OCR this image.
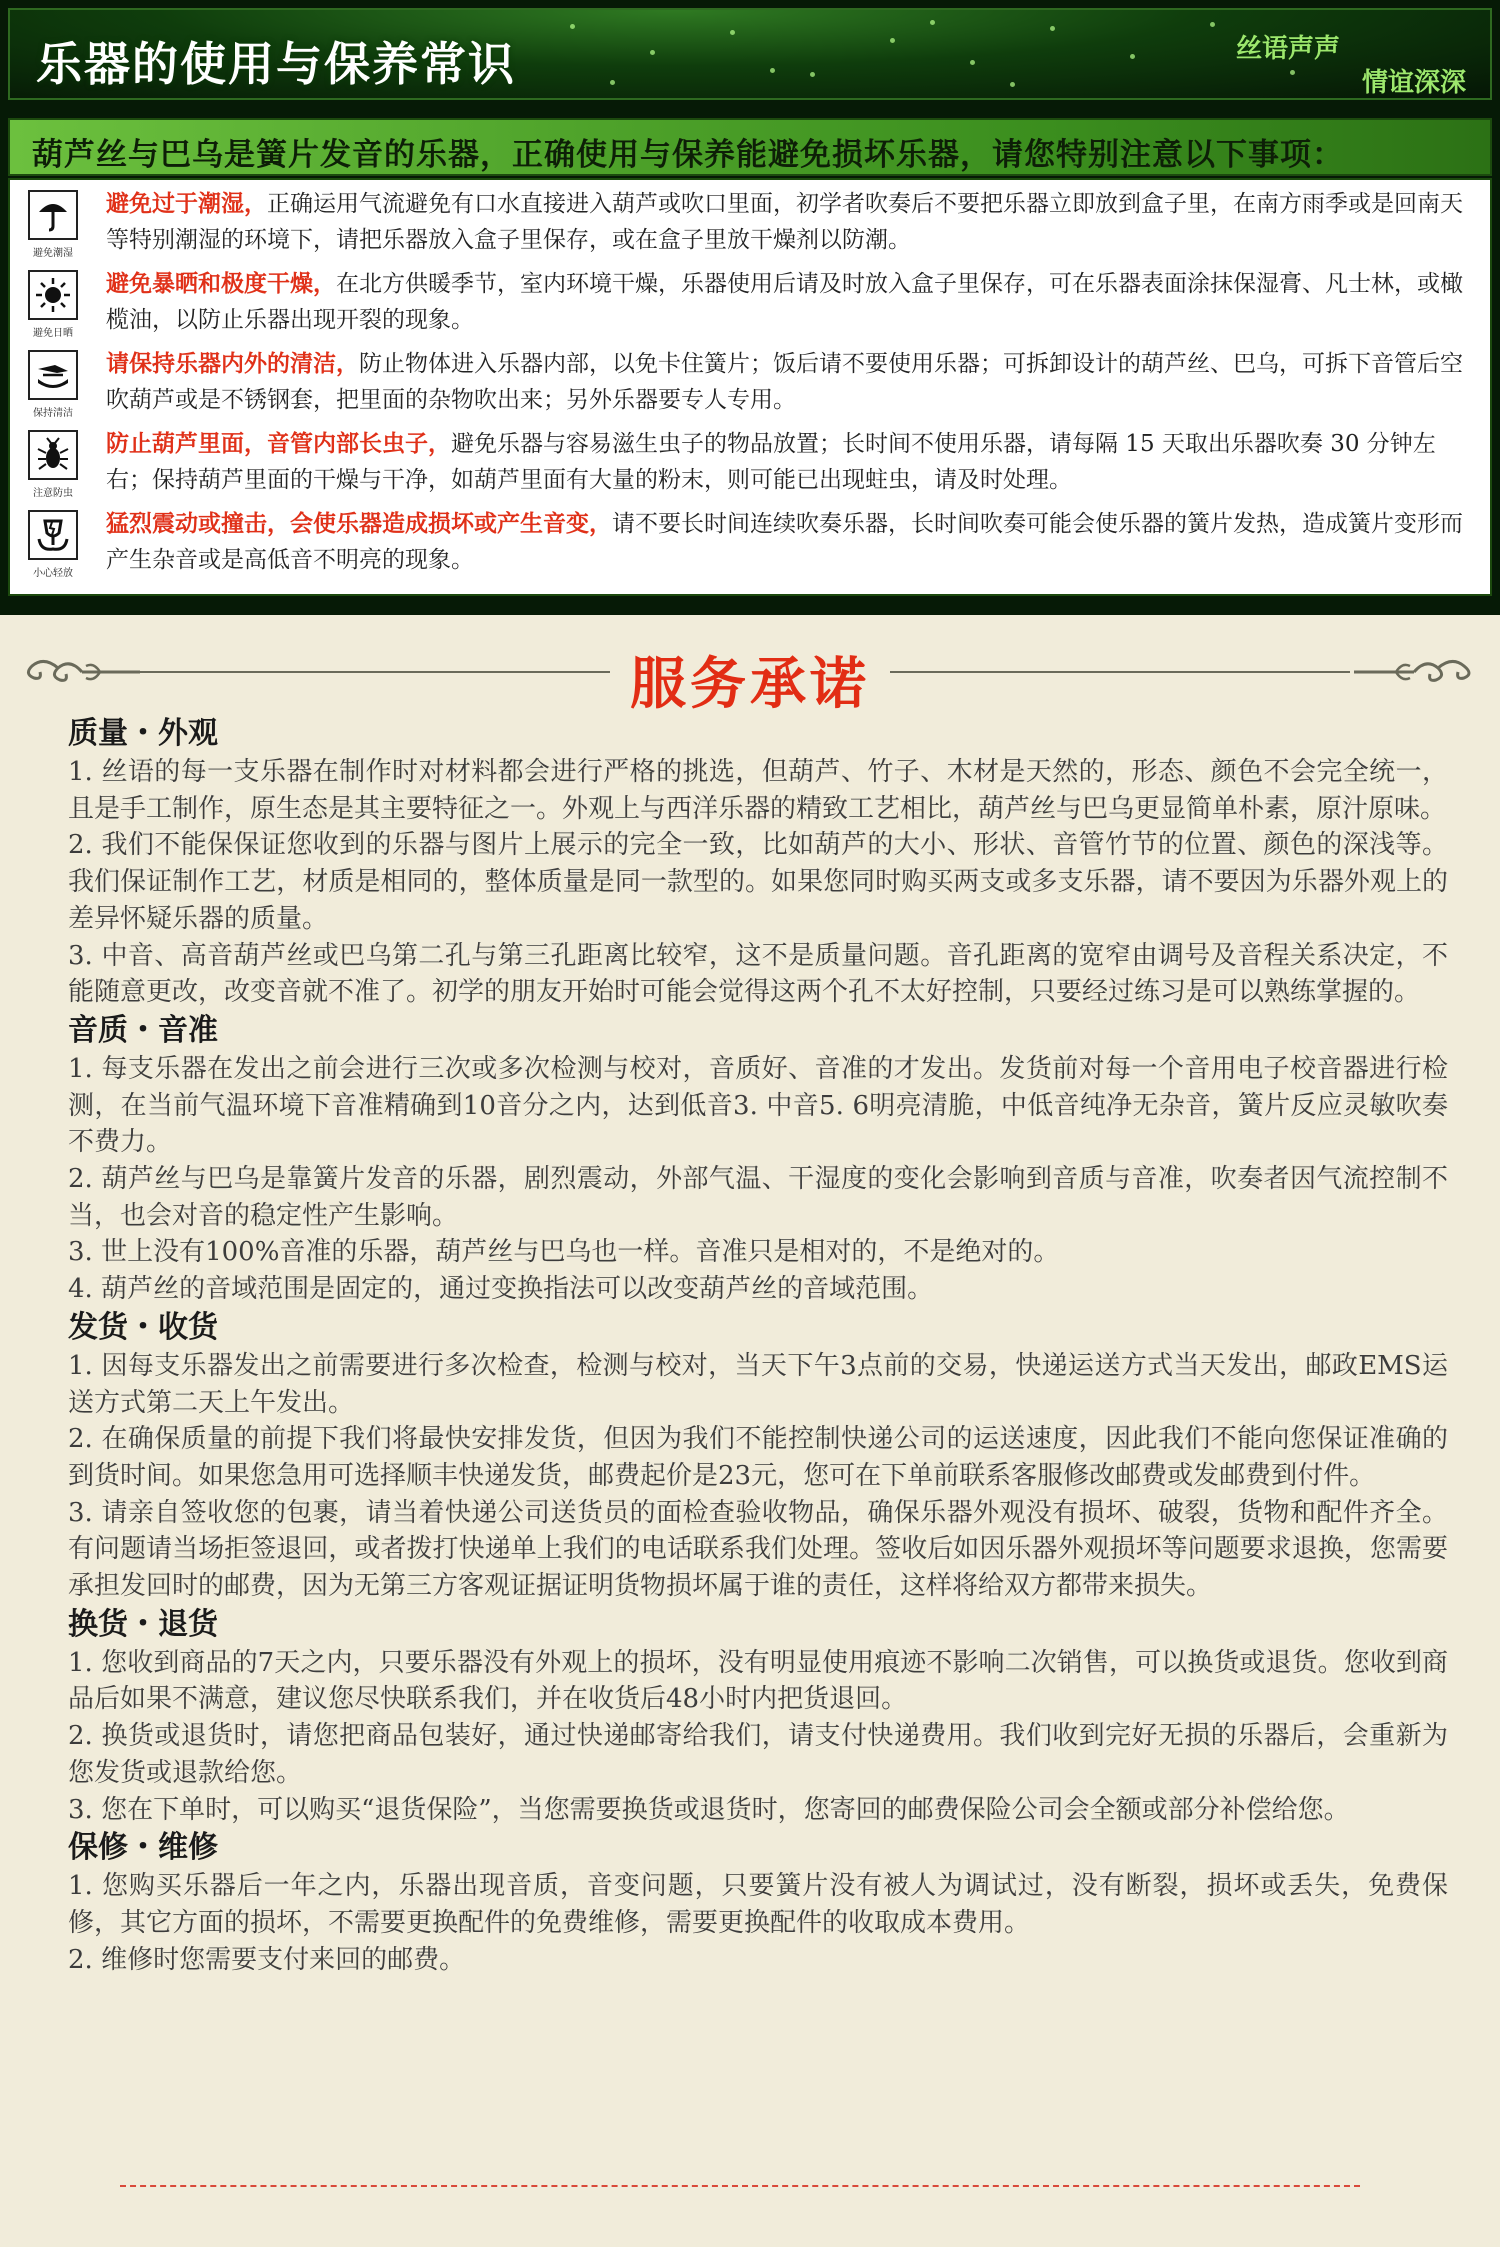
乐器的使用与保养常识	丝语声声
情谊深深
葫芦丝与巴乌是簧片发音的乐器，正确使用与保养能避免损坏乐器，请您特别注意以下事项：
避免潮湿
避免过于潮湿，正确运用气流避免有口水直接进入葫芦或吹口里面，初学者吹奏后不要把乐器立即放到盒子里，在南方雨季或是回南天等特别潮湿的环境下，请把乐器放入盒子里保存，或在盒子里放干燥剂以防潮。
避免日晒
避免暴晒和极度干燥，在北方供暖季节，室内环境干燥，乐器使用后请及时放入盒子里保存，可在乐器表面涂抹保湿膏、凡士林，或橄榄油，以防止乐器出现开裂的现象。
保持清洁
请保持乐器内外的清洁，防止物体进入乐器内部，以免卡住簧片；饭后请不要使用乐器；可拆卸设计的葫芦丝、巴乌，可拆下音管后空吹葫芦或是不锈钢套，把里面的杂物吹出来；另外乐器要专人专用。
注意防虫
防止葫芦里面，音管内部长虫子，避免乐器与容易滋生虫子的物品放置；长时间不使用乐器，请每隔 15 天取出乐器吹奏 30 分钟左右；保持葫芦里面的干燥与干净，如葫芦里面有大量的粉末，则可能已出现蛀虫，请及时处理。
小心轻放
猛烈震动或撞击，会使乐器造成损坏或产生音变，请不要长时间连续吹奏乐器，长时间吹奏可能会使乐器的簧片发热，造成簧片变形而产生杂音或是高低音不明亮的现象。
服务承诺
质量・外观

1. 丝语的每一支乐器在制作时对材料都会进行严格的挑选，但葫芦、竹子、木材是天然的，形态、颜色不会完全统一，且是手工制作，原生态是其主要特征之一。外观上与西洋乐器的精致工艺相比，葫芦丝与巴乌更显简单朴素，原汁原味。

2. 我们不能保保证您收到的乐器与图片上展示的完全一致，比如葫芦的大小、形状、音管竹节的位置、颜色的深浅等。我们保证制作工艺，材质是相同的，整体质量是同一款型的。如果您同时购买两支或多支乐器，请不要因为乐器外观上的差异怀疑乐器的质量。

3. 中音、高音葫芦丝或巴乌第二孔与第三孔距离比较窄，这不是质量问题。音孔距离的宽窄由调号及音程关系决定，不能随意更改，改变音就不准了。初学的朋友开始时可能会觉得这两个孔不太好控制，只要经过练习是可以熟练掌握的。

音质・音准

1. 每支乐器在发出之前会进行三次或多次检测与校对，音质好、音准的才发出。发货前对每一个音用电子校音器进行检测，在当前气温环境下音准精确到10音分之内，达到低音3. 中音5. 6明亮清脆，中低音纯净无杂音，簧片反应灵敏吹奏不费力。

2. 葫芦丝与巴乌是靠簧片发音的乐器，剧烈震动，外部气温、干湿度的变化会影响到音质与音准，吹奏者因气流控制不当，也会对音的稳定性产生影响。

3. 世上没有100%音准的乐器，葫芦丝与巴乌也一样。音准只是相对的，不是绝对的。

4. 葫芦丝的音域范围是固定的，通过变换指法可以改变葫芦丝的音域范围。

发货・收货

1. 因每支乐器发出之前需要进行多次检查，检测与校对，当天下午3点前的交易，快递运送方式当天发出，邮政EMS运送方式第二天上午发出。

2. 在确保质量的前提下我们将最快安排发货，但因为我们不能控制快递公司的运送速度，因此我们不能向您保证准确的到货时间。如果您急用可选择顺丰快递发货，邮费起价是23元，您可在下单前联系客服修改邮费或发邮费到付件。

3. 请亲自签收您的包裹，请当着快递公司送货员的面检查验收物品，确保乐器外观没有损坏、破裂，货物和配件齐全。有问题请当场拒签退回，或者拨打快递单上我们的电话联系我们处理。签收后如因乐器外观损坏等问题要求退换，您需要承担发回时的邮费，因为无第三方客观证据证明货物损坏属于谁的责任，这样将给双方都带来损失。

换货・退货

1. 您收到商品的7天之内，只要乐器没有外观上的损坏，没有明显使用痕迹不影响二次销售，可以换货或退货。您收到商品后如果不满意，建议您尽快联系我们，并在收货后48小时内把货退回。

2. 换货或退货时，请您把商品包装好，通过快递邮寄给我们，请支付快递费用。我们收到完好无损的乐器后，会重新为您发货或退款给您。

3. 您在下单时，可以购买“退货保险”，当您需要换货或退货时，您寄回的邮费保险公司会全额或部分补偿给您。

保修・维修

1. 您购买乐器后一年之内，乐器出现音质，音变问题，只要簧片没有被人为调试过，没有断裂，损坏或丢失，免费保修，其它方面的损坏，不需要更换配件的免费维修，需要更换配件的收取成本费用。

2. 维修时您需要支付来回的邮费。
